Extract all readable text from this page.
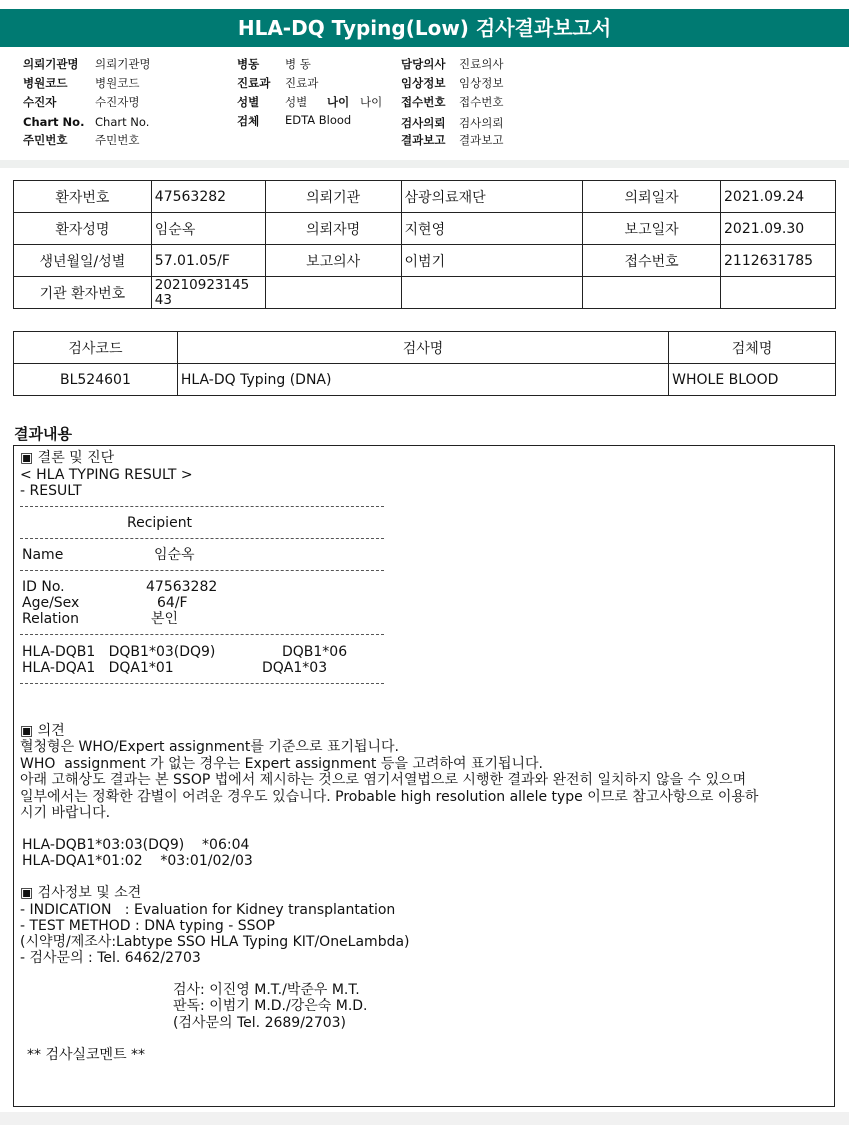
HLA-DQ Typing(Low) 검사결과보고서
의뢰기관명 의뢰기관명
병원코드 병원코드
수진자	수진자명
Chart No. Chart No.
주민번호 주민번호
병동 병 동
진료과 진료과
성별 성별 나이 나이
검체 EDTA Blood
담당의사 진료의사
임상정보 임상정보
접수번호 접수번호
검사의뢰 검사의뢰
결과보고 결과보고
환자번호	47563282	의뢰기관	삼광의료재단	의뢰일자	2021.09.24
환자성명	임순옥	의뢰자명	지현영	보고일자	2021.09.30
생년월일/성별	57.01.05/F	보고의사	이범기	접수번호	2112631785
기관 환자번호	20210923145
43				
검사코드	검사명	검체명
BL524601	HLA-DQ Typing (DNA)	WHOLE BLOOD
결과내용
▣ 결론 및 진단
< HLA TYPING RESULT >
- RESULT
Recipient
Name	임순옥
ID No.	47563282
Age/Sex	64/F
Relation	본인
HLA-DQB1   DQB1*03(DQ9)	DQB1*06
HLA-DQA1   DQA1*01	DQA1*03
▣ 의견
혈청형은 WHO/Expert assignment를 기준으로 표기됩니다.
WHO  assignment 가 없는 경우는 Expert assignment 등을 고려하여 표기됩니다.
아래 고해상도 결과는 본 SSOP 법에서 제시하는 것으로 염기서열법으로 시행한 결과와 완전히 일치하지 않을 수 있으며
일부에서는 정확한 감별이 어려운 경우도 있습니다. Probable high resolution allele type 이므로 참고사항으로 이용하
시기 바랍니다.
HLA-DQB1*03:03(DQ9)    *06:04
HLA-DQA1*01:02    *03:01/02/03
▣ 검사정보 및 소견
- INDICATION   : Evaluation for Kidney transplantation
- TEST METHOD : DNA typing - SSOP
(시약명/제조사:Labtype SSO HLA Typing KIT/OneLambda)
- 검사문의 : Tel. 6462/2703
검사: 이진영 M.T./박준우 M.T.
판독: 이범기 M.D./강은숙 M.D.
(검사문의 Tel. 2689/2703)
** 검사실코멘트 **
